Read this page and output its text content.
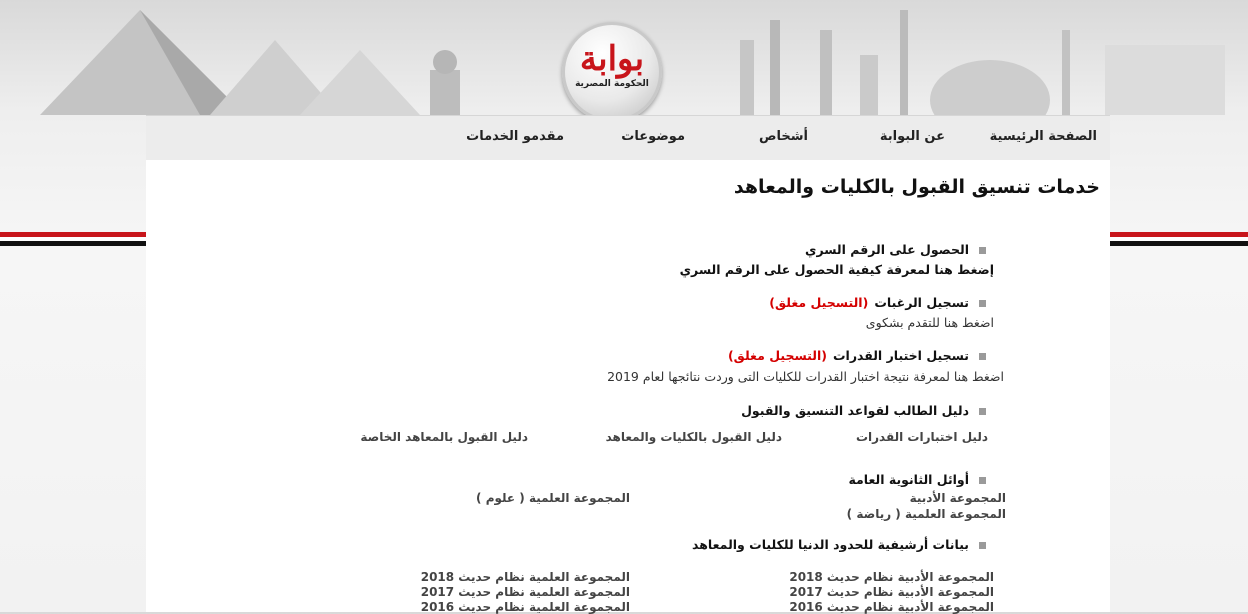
بوابة
الحكومة المصرية
الصفحة الرئيسية
عن البوابة
أشخاص
موضوعات
مقدمو الخدمات
خدمات تنسيق القبول بالكليات والمعاهد
الحصول على الرقم السري
إضغط هنا لمعرفة كيفية الحصول على الرقم السري
تسجيل الرغبات(التسجيل مغلق)
اضغط هنا للتقدم بشكوى
تسجيل اختبار القدرات(التسجيل مغلق)
اضغط هنا لمعرفة نتيجة اختبار القدرات للكليات التى وردت نتائجها لعام 2019
دليل الطالب لقواعد التنسيق والقبول
دليل اختبارات القدرات
دليل القبول بالكليات والمعاهد
دليل القبول بالمعاهد الخاصة
أوائل الثانوية العامة
المجموعة الأدبية
المجموعة العلمية ( علوم )
المجموعة العلمية ( رياضة )
بيانات أرشيفية للحدود الدنيا للكليات والمعاهد
المجموعة الأدبية نظام حديث 2018
المجموعة الأدبية نظام حديث 2017
المجموعة الأدبية نظام حديث 2016
المجموعة العلمية نظام حديث 2018
المجموعة العلمية نظام حديث 2017
المجموعة العلمية نظام حديث 2016
